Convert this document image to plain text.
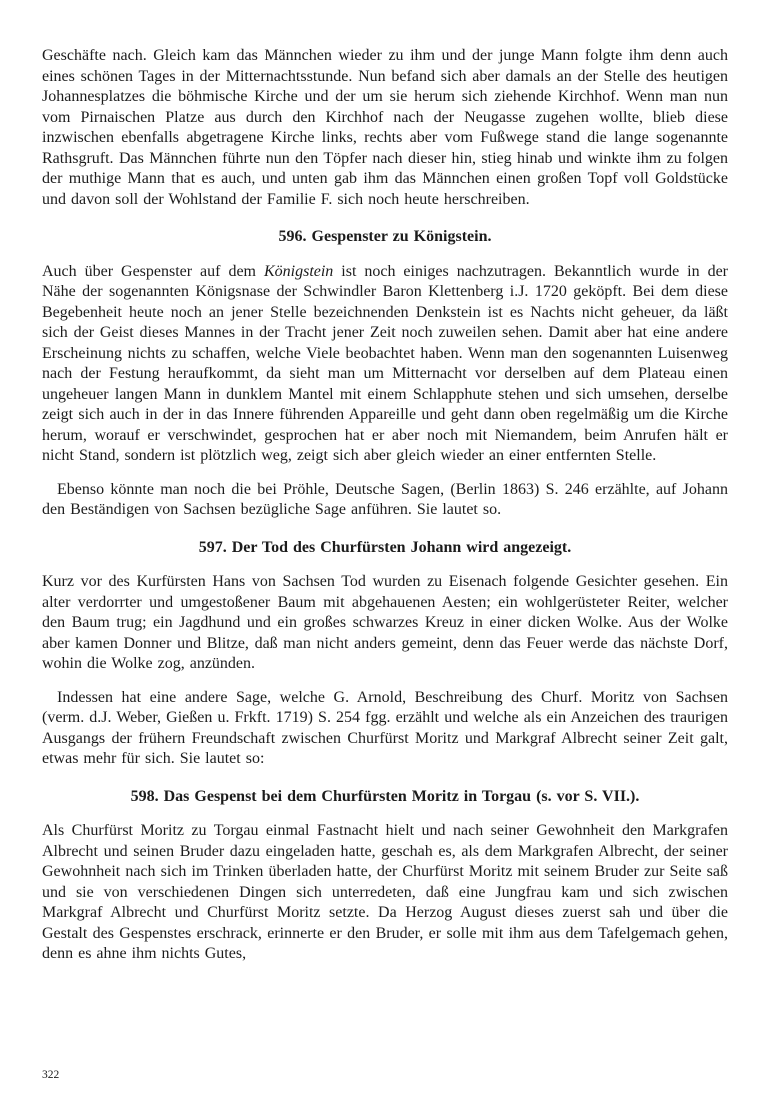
Geschäfte nach. Gleich kam das Männchen wieder zu ihm und der junge Mann folgte ihm denn auch eines schönen Tages in der Mitternachtsstunde. Nun befand sich aber damals an der Stelle des heutigen Johannesplatzes die böhmische Kirche und der um sie herum sich ziehende Kirchhof. Wenn man nun vom Pirnaischen Platze aus durch den Kirchhof nach der Neugasse zugehen wollte, blieb diese inzwischen ebenfalls abgetragene Kirche links, rechts aber vom Fußwege stand die lange sogenannte Rathsgruft. Das Männchen führte nun den Töpfer nach dieser hin, stieg hinab und winkte ihm zu folgen der muthige Mann that es auch, und unten gab ihm das Männchen einen großen Topf voll Goldstücke und davon soll der Wohlstand der Familie F. sich noch heute herschreiben.

596. Gespenster zu Königstein.

Auch über Gespenster auf dem Königstein ist noch einiges nachzutragen. Bekanntlich wurde in der Nähe der sogenannten Königsnase der Schwindler Baron Klettenberg i.J. 1720 geköpft. Bei dem diese Begebenheit heute noch an jener Stelle bezeichnenden Denkstein ist es Nachts nicht geheuer, da läßt sich der Geist dieses Mannes in der Tracht jener Zeit noch zuweilen sehen. Damit aber hat eine andere Erscheinung nichts zu schaffen, welche Viele beobachtet haben. Wenn man den sogenannten Luisenweg nach der Festung heraufkommt, da sieht man um Mitternacht vor derselben auf dem Plateau einen ungeheuer langen Mann in dunklem Mantel mit einem Schlapphute stehen und sich umsehen, derselbe zeigt sich auch in der in das Innere führenden Appareille und geht dann oben regelmäßig um die Kirche herum, worauf er verschwindet, gesprochen hat er aber noch mit Niemandem, beim Anrufen hält er nicht Stand, sondern ist plötzlich weg, zeigt sich aber gleich wieder an einer entfernten Stelle.

Ebenso könnte man noch die bei Pröhle, Deutsche Sagen, (Berlin 1863) S. 246 erzählte, auf Johann den Beständigen von Sachsen bezügliche Sage anführen. Sie lautet so.

597. Der Tod des Churfürsten Johann wird angezeigt.

Kurz vor des Kurfürsten Hans von Sachsen Tod wurden zu Eisenach folgende Gesichter gesehen. Ein alter verdorrter und umgestoßener Baum mit abgehauenen Aesten; ein wohlgerüsteter Reiter, welcher den Baum trug; ein Jagdhund und ein großes schwarzes Kreuz in einer dicken Wolke. Aus der Wolke aber kamen Donner und Blitze, daß man nicht anders gemeint, denn das Feuer werde das nächste Dorf, wohin die Wolke zog, anzünden.

Indessen hat eine andere Sage, welche G. Arnold, Beschreibung des Churf. Moritz von Sachsen (verm. d.J. Weber, Gießen u. Frkft. 1719) S. 254 fgg. erzählt und welche als ein Anzeichen des traurigen Ausgangs der frühern Freundschaft zwischen Churfürst Moritz und Markgraf Albrecht seiner Zeit galt, etwas mehr für sich. Sie lautet so:

598. Das Gespenst bei dem Churfürsten Moritz in Torgau (s. vor S. VII.).

Als Churfürst Moritz zu Torgau einmal Fastnacht hielt und nach seiner Gewohnheit den Markgrafen Albrecht und seinen Bruder dazu eingeladen hatte, geschah es, als dem Markgrafen Albrecht, der seiner Gewohnheit nach sich im Trinken überladen hatte, der Churfürst Moritz mit seinem Bruder zur Seite saß und sie von verschiedenen Dingen sich unterredeten, daß eine Jungfrau kam und sich zwischen Markgraf Albrecht und Churfürst Moritz setzte. Da Herzog August dieses zuerst sah und über die Gestalt des Gespenstes erschrack, erinnerte er den Bruder, er solle mit ihm aus dem Tafelgemach gehen, denn es ahne ihm nichts Gutes,

322
